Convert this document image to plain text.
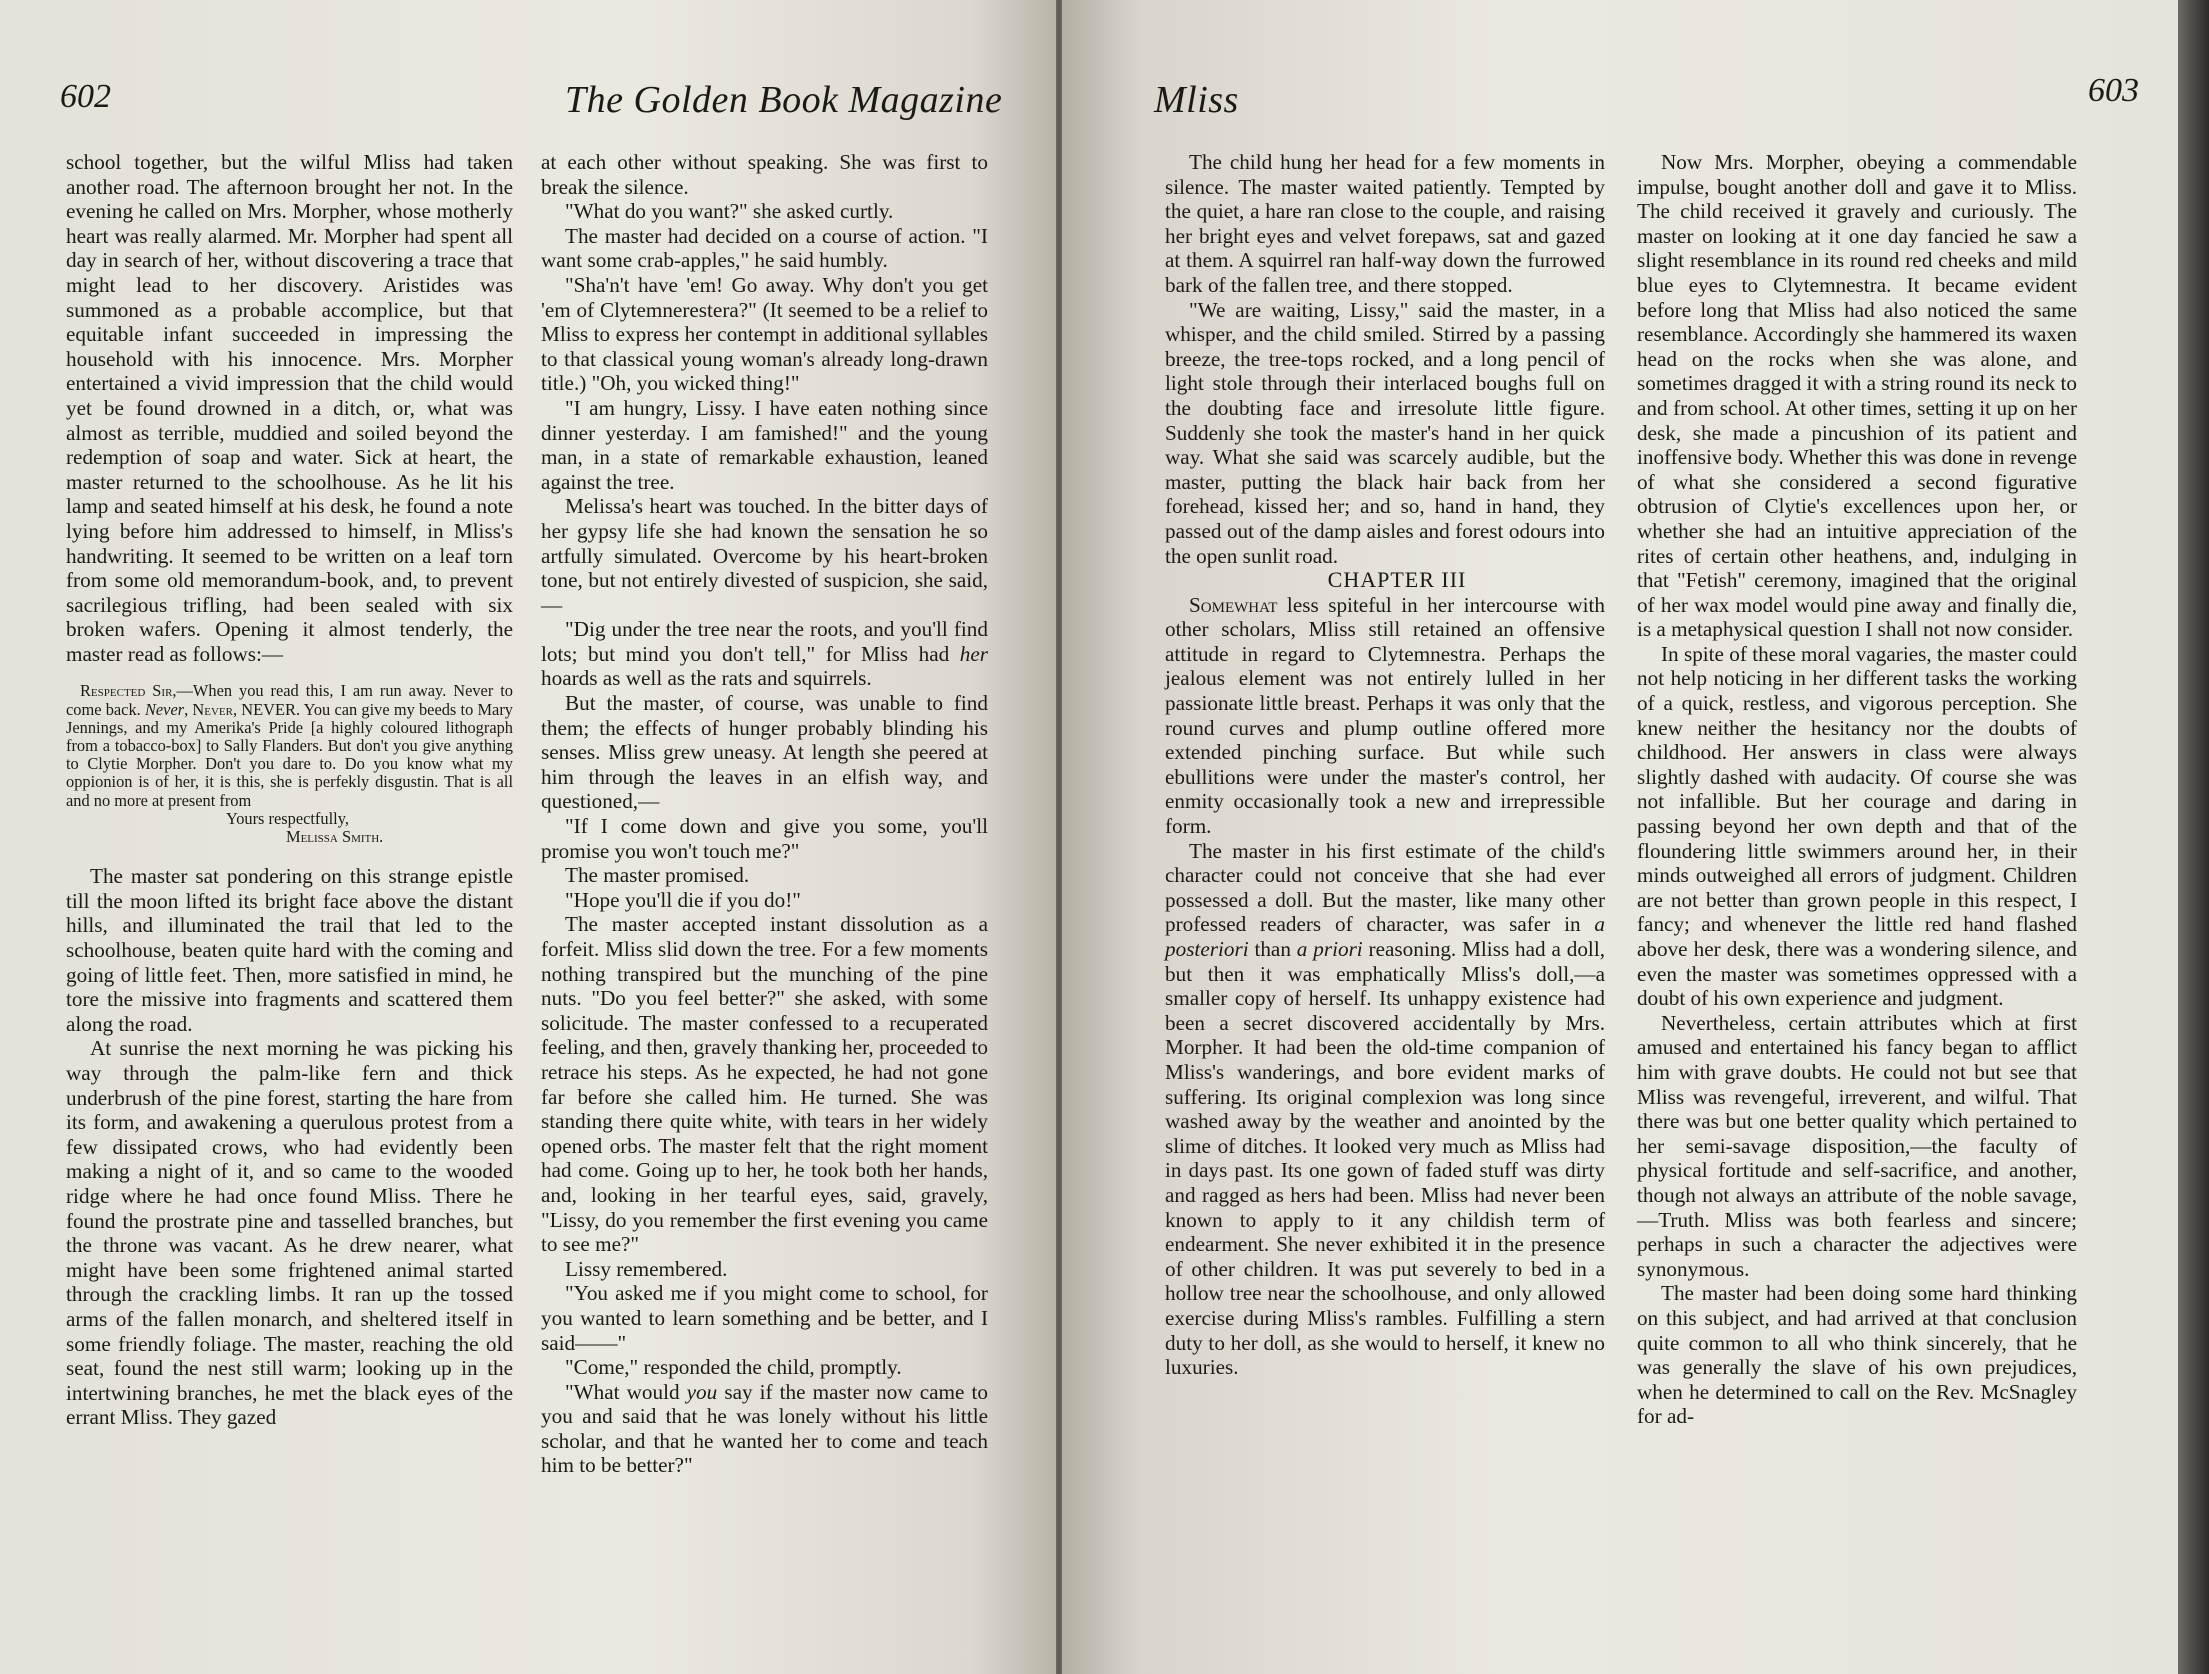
602	The Golden Book Magazine

school together, but the wilful Mliss had taken another road. The afternoon brought her not. In the evening he called on Mrs. Morpher, whose motherly heart was really alarmed. Mr. Morpher had spent all day in search of her, without discovering a trace that might lead to her discovery. Aristides was summoned as a probable accomplice, but that equitable infant succeeded in impressing the household with his innocence. Mrs. Morpher entertained a vivid impression that the child would yet be found drowned in a ditch, or, what was almost as terrible, muddied and soiled beyond the redemption of soap and water. Sick at heart, the master returned to the schoolhouse. As he lit his lamp and seated himself at his desk, he found a note lying before him addressed to himself, in Mliss's handwriting. It seemed to be written on a leaf torn from some old memorandum-book, and, to prevent sacrilegious trifling, had been sealed with six broken wafers. Opening it almost tenderly, the master read as follows:—

Respected Sir,—When you read this, I am run away. Never to come back. Never, Never, NEVER. You can give my beeds to Mary Jennings, and my Amerika's Pride [a highly coloured lithograph from a tobacco-box] to Sally Flanders. But don't you give anything to Clytie Morpher. Don't you dare to. Do you know what my oppionion is of her, it is this, she is perfekly disgustin. That is all and no more at present from

Yours respectfully,

Melissa Smith.

The master sat pondering on this strange epistle till the moon lifted its bright face above the distant hills, and illuminated the trail that led to the schoolhouse, beaten quite hard with the coming and going of little feet. Then, more satisfied in mind, he tore the missive into fragments and scattered them along the road.

At sunrise the next morning he was picking his way through the palm-like fern and thick underbrush of the pine forest, starting the hare from its form, and awakening a querulous protest from a few dissipated crows, who had evidently been making a night of it, and so came to the wooded ridge where he had once found Mliss. There he found the prostrate pine and tasselled branches, but the throne was vacant. As he drew nearer, what might have been some frightened animal started through the crackling limbs. It ran up the tossed arms of the fallen monarch, and sheltered itself in some friendly foliage. The master, reaching the old seat, found the nest still warm; looking up in the intertwining branches, he met the black eyes of the errant Mliss. They gazed

at each other without speaking. She was first to break the silence.

"What do you want?" she asked curtly.

The master had decided on a course of action. "I want some crab-apples," he said humbly.

"Sha'n't have 'em! Go away. Why don't you get 'em of Clytemnerestera?" (It seemed to be a relief to Mliss to express her contempt in additional syllables to that classical young woman's already long-drawn title.) "Oh, you wicked thing!"

"I am hungry, Lissy. I have eaten nothing since dinner yesterday. I am famished!" and the young man, in a state of remarkable exhaustion, leaned against the tree.

Melissa's heart was touched. In the bitter days of her gypsy life she had known the sensation he so artfully simulated. Overcome by his heart-broken tone, but not entirely divested of suspicion, she said,—

"Dig under the tree near the roots, and you'll find lots; but mind you don't tell," for Mliss had her hoards as well as the rats and squirrels.

But the master, of course, was unable to find them; the effects of hunger probably blinding his senses. Mliss grew uneasy. At length she peered at him through the leaves in an elfish way, and questioned,—

"If I come down and give you some, you'll promise you won't touch me?"

The master promised.

"Hope you'll die if you do!"

The master accepted instant dissolution as a forfeit. Mliss slid down the tree. For a few moments nothing transpired but the munching of the pine nuts. "Do you feel better?" she asked, with some solicitude. The master confessed to a recuperated feeling, and then, gravely thanking her, proceeded to retrace his steps. As he expected, he had not gone far before she called him. He turned. She was standing there quite white, with tears in her widely opened orbs. The master felt that the right moment had come. Going up to her, he took both her hands, and, looking in her tearful eyes, said, gravely, "Lissy, do you remember the first evening you came to see me?"

Lissy remembered.

"You asked me if you might come to school, for you wanted to learn something and be better, and I said——"

"Come," responded the child, promptly.

"What would you say if the master now came to you and said that he was lonely without his little scholar, and that he wanted her to come and teach him to be better?"

Mliss	603

The child hung her head for a few moments in silence. The master waited patiently. Tempted by the quiet, a hare ran close to the couple, and raising her bright eyes and velvet forepaws, sat and gazed at them. A squirrel ran half-way down the furrowed bark of the fallen tree, and there stopped.

"We are waiting, Lissy," said the master, in a whisper, and the child smiled. Stirred by a passing breeze, the tree-tops rocked, and a long pencil of light stole through their interlaced boughs full on the doubting face and irresolute little figure. Suddenly she took the master's hand in her quick way. What she said was scarcely audible, but the master, putting the black hair back from her forehead, kissed her; and so, hand in hand, they passed out of the damp aisles and forest odours into the open sunlit road.

CHAPTER III

Somewhat less spiteful in her intercourse with other scholars, Mliss still retained an offensive attitude in regard to Clytemnestra. Perhaps the jealous element was not entirely lulled in her passionate little breast. Perhaps it was only that the round curves and plump outline offered more extended pinching surface. But while such ebullitions were under the master's control, her enmity occasionally took a new and irrepressible form.

The master in his first estimate of the child's character could not conceive that she had ever possessed a doll. But the master, like many other professed readers of character, was safer in a posteriori than a priori reasoning. Mliss had a doll, but then it was emphatically Mliss's doll,—a smaller copy of herself. Its unhappy existence had been a secret discovered accidentally by Mrs. Morpher. It had been the old-time companion of Mliss's wanderings, and bore evident marks of suffering. Its original complexion was long since washed away by the weather and anointed by the slime of ditches. It looked very much as Mliss had in days past. Its one gown of faded stuff was dirty and ragged as hers had been. Mliss had never been known to apply to it any childish term of endearment. She never exhibited it in the presence of other children. It was put severely to bed in a hollow tree near the schoolhouse, and only allowed exercise during Mliss's rambles. Fulfilling a stern duty to her doll, as she would to herself, it knew no luxuries.

Now Mrs. Morpher, obeying a commendable impulse, bought another doll and gave it to Mliss. The child received it gravely and curiously. The master on looking at it one day fancied he saw a slight resemblance in its round red cheeks and mild blue eyes to Clytemnestra. It became evident before long that Mliss had also noticed the same resemblance. Accordingly she hammered its waxen head on the rocks when she was alone, and sometimes dragged it with a string round its neck to and from school. At other times, setting it up on her desk, she made a pincushion of its patient and inoffensive body. Whether this was done in revenge of what she considered a second figurative obtrusion of Clytie's excellences upon her, or whether she had an intuitive appreciation of the rites of certain other heathens, and, indulging in that "Fetish" ceremony, imagined that the original of her wax model would pine away and finally die, is a metaphysical question I shall not now consider.

In spite of these moral vagaries, the master could not help noticing in her different tasks the working of a quick, restless, and vigorous perception. She knew neither the hesitancy nor the doubts of childhood. Her answers in class were always slightly dashed with audacity. Of course she was not infallible. But her courage and daring in passing beyond her own depth and that of the floundering little swimmers around her, in their minds outweighed all errors of judgment. Children are not better than grown people in this respect, I fancy; and whenever the little red hand flashed above her desk, there was a wondering silence, and even the master was sometimes oppressed with a doubt of his own experience and judgment.

Nevertheless, certain attributes which at first amused and entertained his fancy began to afflict him with grave doubts. He could not but see that Mliss was revengeful, irreverent, and wilful. That there was but one better quality which pertained to her semi-savage disposition,—the faculty of physical fortitude and self-sacrifice, and another, though not always an attribute of the noble savage,—Truth. Mliss was both fearless and sincere; perhaps in such a character the adjectives were synonymous.

The master had been doing some hard thinking on this subject, and had arrived at that conclusion quite common to all who think sincerely, that he was generally the slave of his own prejudices, when he determined to call on the Rev. McSnagley for ad-
